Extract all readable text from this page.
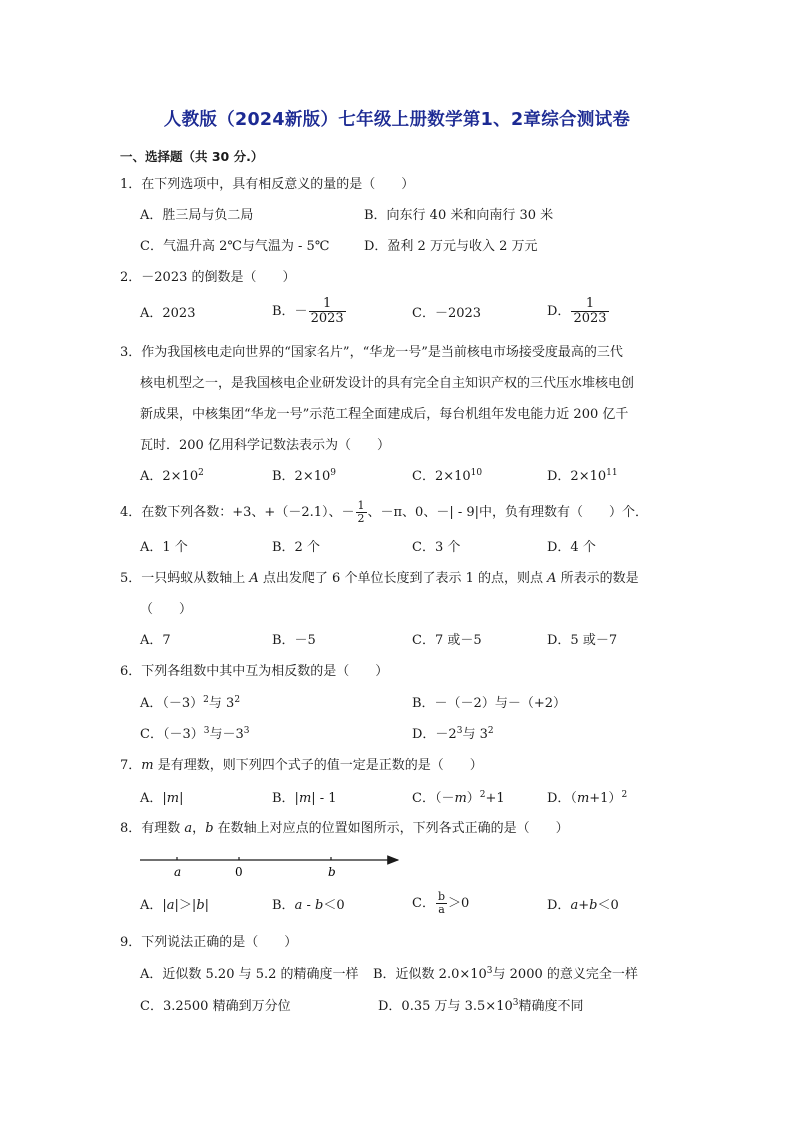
人教版（2024新版）七年级上册数学第1、2章综合测试卷
一、选择题（共 30 分.）
1．在下列选项中，具有相反意义的量的是（　　）
A．胜三局与负二局	B．向东行 40 米和向南行 30 米
C．气温升高 2℃与气温为 - 5℃	D．盈利 2 万元与收入 2 万元
2．－2023 的倒数是（　　）
A．2023	B．－ $\frac{1}{2023}$	C．－2023	D． $\frac{1}{2023}$
3．作为我国核电走向世界的“国家名片”，“华龙一号”是当前核电市场接受度最高的三代
核电机型之一，是我国核电企业研发设计的具有完全自主知识产权的三代压水堆核电创
新成果，中核集团“华龙一号”示范工程全面建成后，每台机组年发电能力近 200 亿千
瓦时．200 亿用科学记数法表示为（　　）
A．$2\times 10^2$	B．$2\times 10^9$	C．$2\times 10^{10}$	D．$2\times 10^{11}$
4．在数下列各数：+3、+（－2.1）、－ $\frac{1}{2}$ 、－π、0、－| - 9|中，负有理数有（　　）个．
A．1 个	B．2 个	C．3 个	D．4 个
5．一只蚂蚁从数轴上 A 点出发爬了 6 个单位长度到了表示 1 的点，则点 A 所表示的数是
（　　）
A．7	B．－5	C．7 或－5	D．5 或－7
6．下列各组数中其中互为相反数的是（　　）
A．$(-3)^2$与 $3^2$	B．－（－2）与－（+2）
C．$(-3)^3$与$-3^3$	D．$-2^3$与 $3^2$
7．m 是有理数，则下列四个式子的值一定是正数的是（　　）
A．|m|	B．|m| - 1	C．$(-m)^2+1$	D．$(m+1)^2$
8．有理数 a，b 在数轴上对应点的位置如图所示，下列各式正确的是（　　）
a	0	b
A．|a|＞|b|	B．a - b＜0	C． $\frac{b}{a} >0$	D．a+b＜0
9．下列说法正确的是（　　）
A．近似数 5.20 与 5.2 的精确度一样 B．近似数 $2.0\times 10^3$与 2000 的意义完全一样
C．3.2500 精确到万分位	D．0.35 万与 $3.5\times 10^3$精确度不同
